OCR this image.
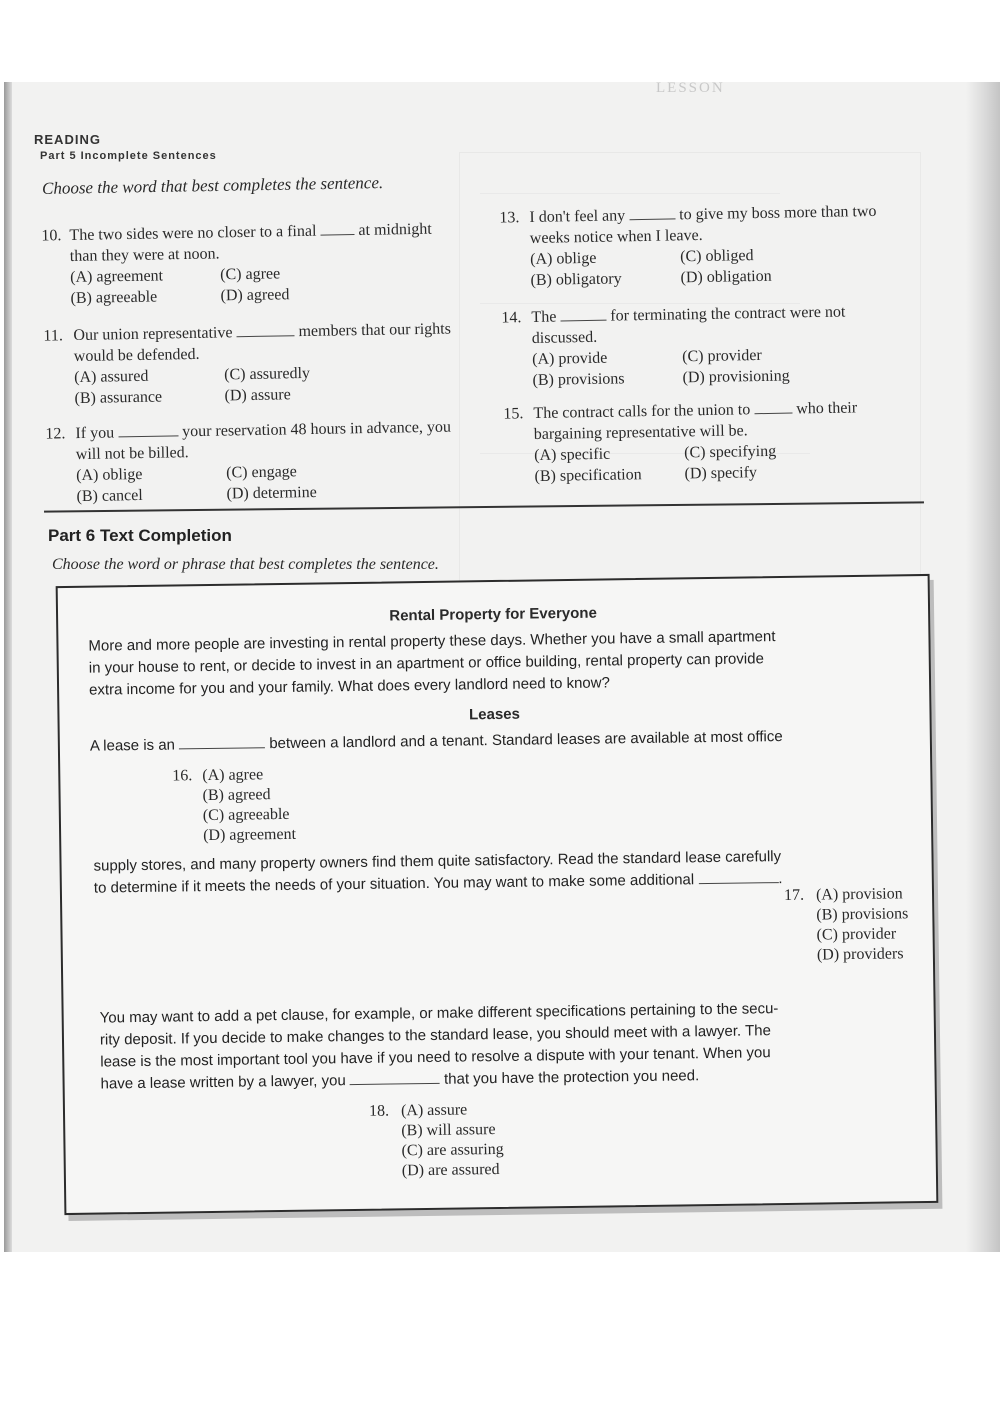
LESSON
READING
Part 5 Incomplete Sentences
Choose the word that best completes the sentence.
10. The two sides were no closer to a final	at midnight than they were at noon.
(A) agreement	(C) agree
(B) agreeable	(D) agreed
11. Our union representative	members that our rights would be defended.
(A) assured	(C) assuredly
(B) assurance	(D) assure
12. If you	your reservation 48 hours in advance, you will not be billed.
(A) oblige	(C) engage
(B) cancel	(D) determine
13. I don't feel any	to give my boss more than two weeks notice when I leave.
(A) oblige	(C) obliged
(B) obligatory	(D) obligation
14. The	for terminating the contract were not discussed.
(A) provide	(C) provider
(B) provisions	(D) provisioning
15. The contract calls for the union to	who their bargaining representative will be.
(A) specific	(C) specifying
(B) specification	(D) specify
Part 6 Text Completion
Choose the word or phrase that best completes the sentence.
Rental Property for Everyone
More and more people are investing in rental property these days. Whether you have a small apartment
in your house to rent, or decide to invest in an apartment or office building, rental property can provide
extra income for you and your family. What does every landlord need to know?
Leases
A lease is an	between a landlord and a tenant. Standard leases are available at most office
16. (A) agree
(B) agreed
(C) agreeable
(D) agreement
supply stores, and many property owners find them quite satisfactory. Read the standard lease carefully
to determine if it meets the needs of your situation. You may want to make some additional	.
17. (A) provision
(B) provisions
(C) provider
(D) providers
You may want to add a pet clause, for example, or make different specifications pertaining to the secu-
rity deposit. If you decide to make changes to the standard lease, you should meet with a lawyer. The
lease is the most important tool you have if you need to resolve a dispute with your tenant. When you
have a lease written by a lawyer, you	that you have the protection you need.
18. (A) assure
(B) will assure
(C) are assuring
(D) are assured
